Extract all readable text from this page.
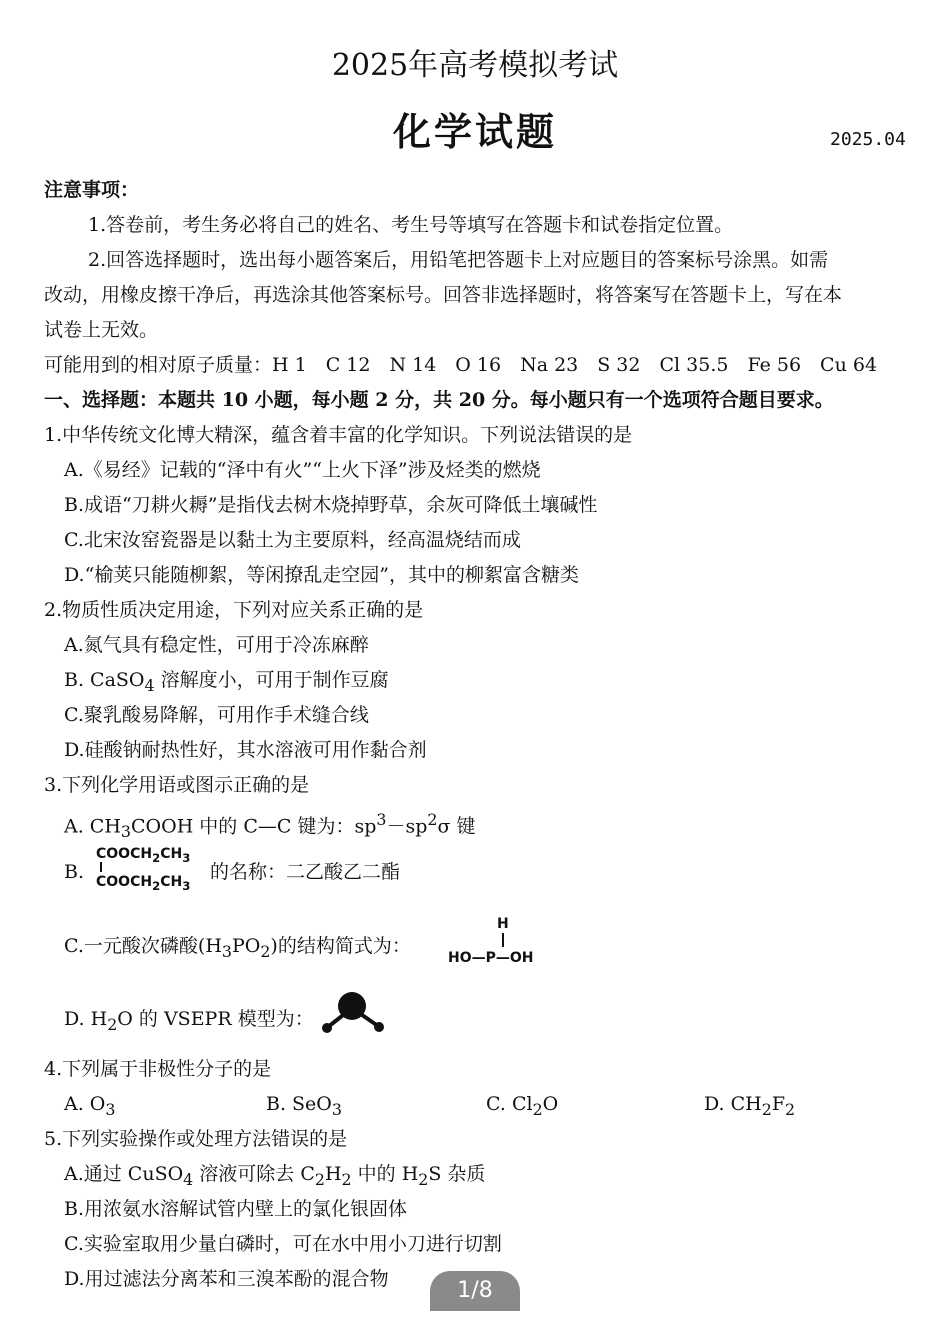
2025年高考模拟考试
化学试题	2025.04
注意事项：
1.答卷前，考生务必将自己的姓名、考生号等填写在答题卡和试卷指定位置。
2.回答选择题时，选出每小题答案后，用铅笔把答题卡上对应题目的答案标号涂黑。如需
改动，用橡皮擦干净后，再选涂其他答案标号。回答非选择题时，将答案写在答题卡上，写在本
试卷上无效。
可能用到的相对原子质量：H 1　C 12　N 14　O 16　Na 23　S 32　Cl 35.5　Fe 56　Cu 64
一、选择题：本题共 10 小题，每小题 2 分，共 20 分。每小题只有一个选项符合题目要求。
1.中华传统文化博大精深，蕴含着丰富的化学知识。下列说法错误的是
A.《易经》记载的“泽中有火”“上火下泽”涉及烃类的燃烧
B.成语“刀耕火耨”是指伐去树木烧掉野草，余灰可降低土壤碱性
C.北宋汝窑瓷器是以黏土为主要原料，经高温烧结而成
D.“榆荚只能随柳絮，等闲撩乱走空园”，其中的柳絮富含糖类
2.物质性质决定用途，下列对应关系正确的是
A.氮气具有稳定性，可用于冷冻麻醉
B. CaSO$_4$ 溶解度小，可用于制作豆腐
C.聚乳酸易降解，可用作手术缝合线
D.硅酸钠耐热性好，其水溶液可用作黏合剂
3.下列化学用语或图示正确的是
A. $CH_3COOH$ 中的 C—C 键为：$sp^3-sp^2\sigma$ 键
B.
$COOCH_2CH_3$
$COOCH_2CH_3$
的名称：二乙酸乙二酯
C.一元酸次磷酸$(H_3PO_2)$的结构简式为：
H
HO—P—OH
D. $H_2O$ 的 VSEPR 模型为：
4.下列属于非极性分子的是
A. $O_3$	B. SeO$_3$	C. $Cl_2O$	D. $CH_2F_2$
5.下列实验操作或处理方法错误的是
A.通过 CuSO$_4$ 溶液可除去 $C_2H_2$ 中的 $H_2S$ 杂质
B.用浓氨水溶解试管内壁上的氯化银固体
C.实验室取用少量白磷时，可在水中用小刀进行切割
D.用过滤法分离苯和三溴苯酚的混合物	1/8
